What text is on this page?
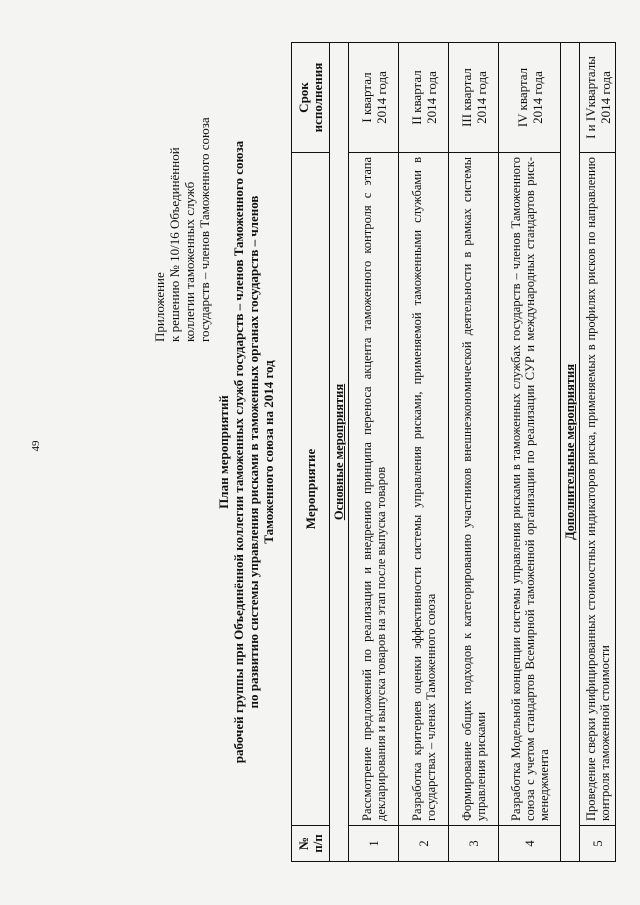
49
Приложение к решению № 10/16 Объединённой коллегии таможенных служб государств – членов Таможенного союза
План мероприятий рабочей группы при Объединённой коллегии таможенных служб государств – членов Таможенного союза по развитию системы управления рисками в таможенных органах государств – членов Таможенного союза на 2014 год
№ п/п	Мероприятие	Срок исполнения

Основные мероприятия		
1	Рассмотрение предложений по реализации и внедрению принципа переноса акцента таможенного контроля с этапа декларирования и выпуска товаров на этап после выпуска товаров	I квартал 2014 года

2	Разработка критериев оценки эффективности системы управления рисками, применяемой таможенными службами в государствах – членах Таможенного союза	II квартал 2014 года

3	Формирование общих подходов к категорированию участников внешнеэкономической деятельности в рамках системы управления рисками	III квартал 2014 года

4	Разработка Модельной концепции системы управления рисками в таможенных службах государств – членов Таможенного союза с учетом стандартов Всемирной таможенной организации по реализации СУР и международных стандартов риск-менеджмента	IV квартал 2014 года

Дополнительные мероприятия		
5	Проведение сверки унифицированных стоимостных индикаторов риска, применяемых в профилях рисков по направлению контроля таможенной стоимости	I и IVкварталы 2014 года
